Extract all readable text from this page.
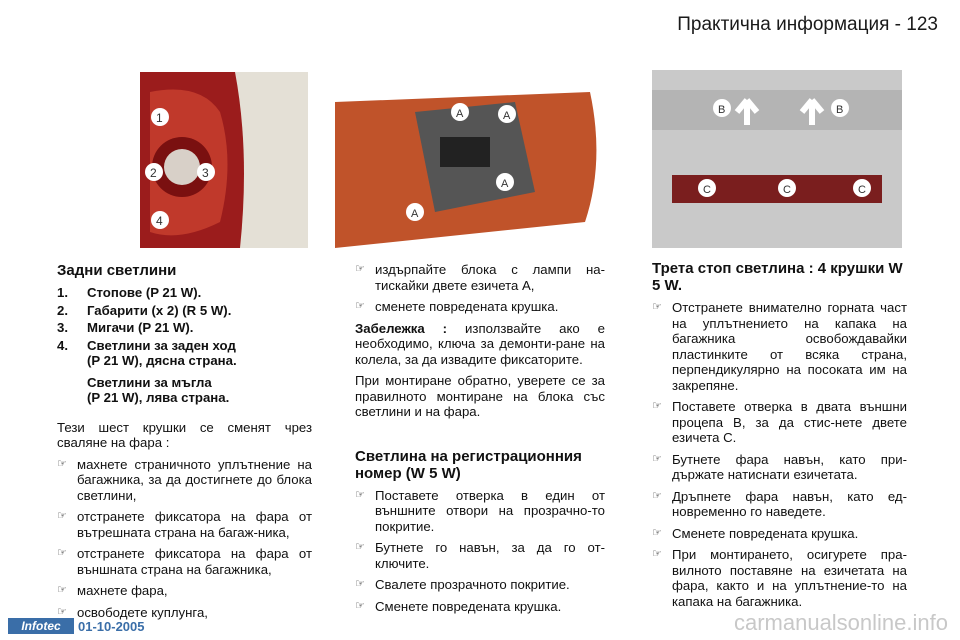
Практична информация - 123
1
2	3
4
A	A
A
A
B	B
C	C	C
Задни светлини
1. Стопове (P 21 W).
2. Габарити (x 2) (R 5 W).
3. Мигачи (P 21 W).
4. Светлини за заден ход
(P 21 W), дясна страна.
Светлини за мъгла
(P 21 W), лява страна.

Тези шест крушки се сменят чрез сваляне на фара :

☞ махнете страничното уплътнение на багажника, за да достигнете до блока светлини,
☞ отстранете фиксатора на фара от вътрешната страна на багаж-ника,
☞ отстранете фиксатора на фара от външната страна на багажника,
☞ махнете фара,
☞ освободете куплунга,
☞ издърпайте блока с лампи на-тискайки двете езичета A,
☞ сменете повредената крушка.

Забележка : използвайте ако е необходимо, ключа за демонти-ране на колела, за да извадите фиксаторите.

При монтиране обратно, уверете се за правилното монтиране на блока със светлини и на фара.

Светлина на регистрационния номер (W 5 W)
☞ Поставете отверка в един от външните отвори на прозрачно-то покритие.
☞ Бутнете го навън, за да го от-ключите.
☞ Свалете прозрачното покритие.
☞ Сменете повредената крушка.
Трета стоп светлина : 4 крушки W 5 W.
☞ Отстранете внимателно горната част на уплътнението на капака на багажника освобождавайки пластинките от всяка страна, перпендикулярно на посоката им на закрепяне.
☞ Поставете отверка в двата външни процепа B, за да стис-нете двете езичета C.
☞ Бутнете фара навън, като при-държате натиснати езичетата.
☞ Дръпнете фара навън, като ед-новременно го наведете.
☞ Сменете повредената крушка.
☞ При монтирането, осигурете пра-вилното поставяне на езичетата на фара, както и на уплътнение-то на капака на багажника.
Infotec	01-10-2005	carmanualsonline.info
